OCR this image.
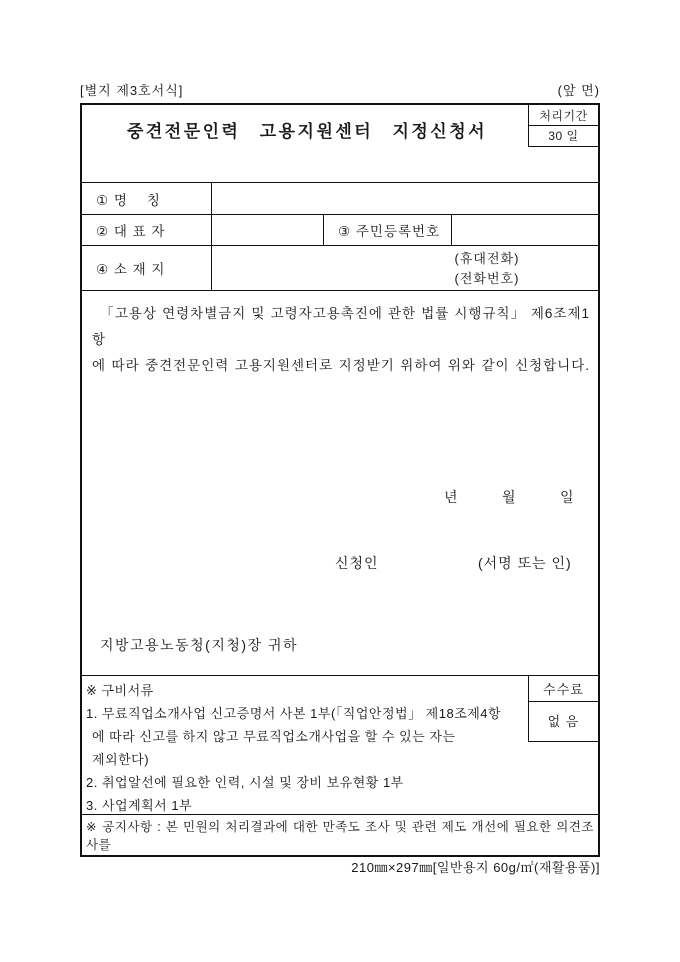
[별지 제3호서식]	(앞 면)
중견전문인력 고용지원센터 지정신청서
처리기간
30 일
① 명    칭
② 대 표 자	③ 주민등록번호
④ 소 재 지
(휴대전화)
(전화번호)
「고용상 연령차별금지 및 고령자고용촉진에 관한 법률 시행규칙」 제6조제1항
에 따라 중견전문인력 고용지원센터로 지정받기 위하여 위와 같이 신청합니다.
년	월	일
신청인	(서명 또는 인)
지방고용노동청(지청)장 귀하
※ 구비서류
1. 무료직업소개사업 신고증명서 사본 1부(「직업안정법」 제18조제4항
에 따라 신고를 하지 않고 무료직업소개사업을 할 수 있는 자는
제외한다)
2. 취업알선에 필요한 인력, 시설 및 장비 보유현황 1부
3. 사업계획서 1부
수수료
없 음
※ 공지사항 : 본 민원의 처리결과에 대한 만족도 조사 및 관련 제도 개선에 필요한 의견조사를
210㎜×297㎜[일반용지 60g/㎡(재활용품)]
